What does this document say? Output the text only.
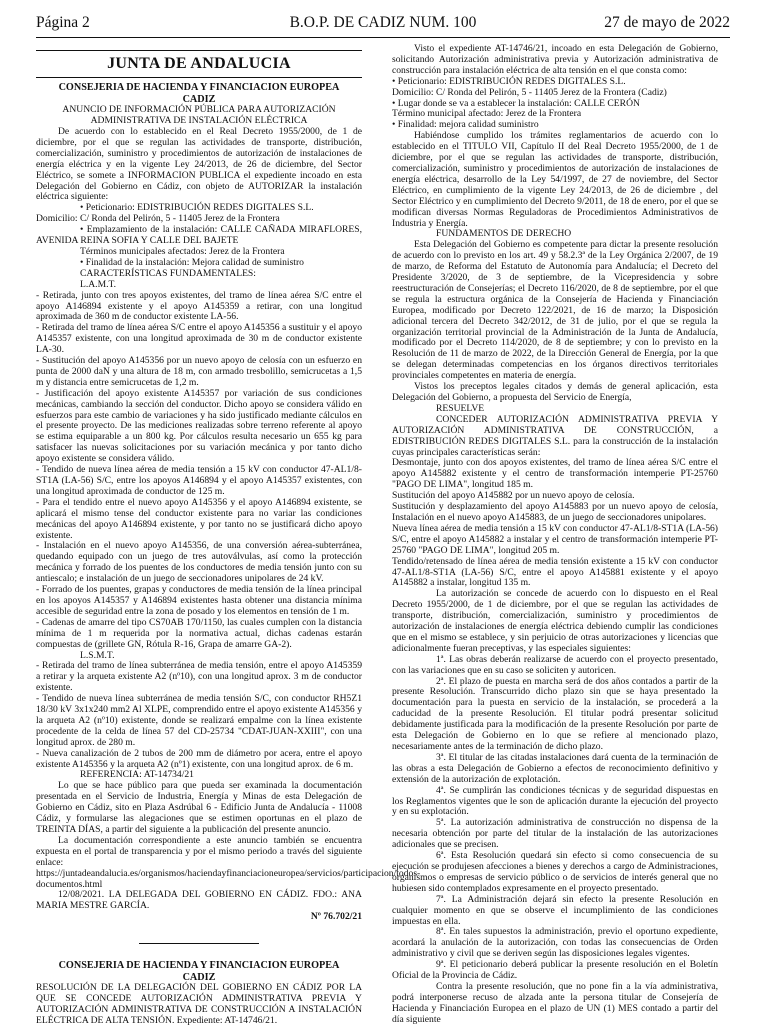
Página 2	B.O.P. DE CADIZ NUM. 100	27 de mayo de 2022
JUNTA DE ANDALUCIA

CONSEJERIA DE HACIENDA Y FINANCIACION EUROPEA

CADIZ

ANUNCIO DE INFORMACIÓN PÚBLICA PARA AUTORIZACIÓN ADMINISTRATIVA DE INSTALACIÓN ELÉCTRICA

De acuerdo con lo establecido en el Real Decreto 1955/2000, de 1 de diciembre, por el que se regulan las actividades de transporte, distribución, comercialización, suministro y procedimientos de autorización de instalaciones de energía eléctrica y en la vigente Ley 24/2013, de 26 de diciembre, del Sector Eléctrico, se somete a INFORMACION PUBLICA el expediente incoado en esta Delegación del Gobierno en Cádiz, con objeto de AUTORIZAR la instalación eléctrica siguiente:

• Peticionario: EDISTRIBUCIÓN REDES DIGITALES S.L.

Domicilio: C/ Ronda del Pelirón, 5 - 11405 Jerez de la Frontera

• Emplazamiento de la instalación: CALLE CAÑADA MIRAFLORES, AVENIDA REINA SOFIA Y CALLE DEL BAJETE

Términos municipales afectados: Jerez de la Frontera

• Finalidad de la instalación: Mejora calidad de suministro

CARACTERÍSTICAS FUNDAMENTALES:

L.A.M.T.

- Retirada, junto con tres apoyos existentes, del tramo de línea aérea S/C entre el apoyo A146894 existente y el apoyo A145359 a retirar, con una longitud aproximada de 360 m de conductor existente LA-56.

- Retirada del tramo de línea aérea S/C entre el apoyo A145356 a sustituir y el apoyo A145357 existente, con una longitud aproximada de 30 m de conductor existente LA-30.

- Sustitución del apoyo A145356 por un nuevo apoyo de celosía con un esfuerzo en punta de 2000 daN y una altura de 18 m, con armado tresbolillo, semicrucetas a 1,5 m y distancia entre semicrucetas de 1,2 m.

- Justificación del apoyo existente A145357 por variación de sus condiciones mecánicas, cambiando la sección del conductor. Dicho apoyo se considera válido en esfuerzos para este cambio de variaciones y ha sido justificado mediante cálculos en el presente proyecto. De las mediciones realizadas sobre terreno referente al apoyo se estima equiparable a un 800 kg. Por cálculos resulta necesario un 655 kg para satisfacer las nuevas solicitaciones por su variación mecánica y por tanto dicho apoyo existente se considera válido.

- Tendido de nueva línea aérea de media tensión a 15 kV con conductor 47-AL1/8-ST1A (LA-56) S/C, entre los apoyos A146894 y el apoyo A145357 existentes, con una longitud aproximada de conductor de 125 m.

- Para el tendido entre el nuevo apoyo A145356 y el apoyo A146894 existente, se aplicará el mismo tense del conductor existente para no variar las condiciones mecánicas del apoyo A146894 existente, y por tanto no se justificará dicho apoyo existente.

- Instalación en el nuevo apoyo A145356, de una conversión aérea-subterránea, quedando equipado con un juego de tres autoválvulas, así como la protección mecánica y forrado de los puentes de los conductores de media tensión junto con su antiescalo; e instalación de un juego de seccionadores unipolares de 24 kV.

- Forrado de los puentes, grapas y conductores de media tensión de la línea principal en los apoyos A145357 y A146894 existentes hasta obtener una distancia mínima accesible de seguridad entre la zona de posado y los elementos en tensión de 1 m.

- Cadenas de amarre del tipo CS70AB 170/1150, las cuales cumplen con la distancia mínima de 1 m requerida por la normativa actual, dichas cadenas estarán compuestas de (grillete GN, Rótula R-16, Grapa de amarre GA-2).

L.S.M.T.

- Retirada del tramo de línea subterránea de media tensión, entre el apoyo A145359 a retirar y la arqueta existente A2 (nº10), con una longitud aprox. 3 m de conductor existente.

- Tendido de nueva línea subterránea de media tensión S/C, con conductor RH5Z1 18/30 kV 3x1x240 mm2 Al XLPE, comprendido entre el apoyo existente A145356 y la arqueta A2 (nº10) existente, donde se realizará empalme con la línea existente procedente de la celda de línea 57 del CD-25734 "CDAT-JUAN-XXIII", con una longitud aprox. de 280 m.

- Nueva canalización de 2 tubos de 200 mm de diámetro por acera, entre el apoyo existente A145356 y la arqueta A2 (nº1) existente, con una longitud aprox. de 6 m.

REFERENCIA: AT-14734/21

Lo que se hace público para que pueda ser examinada la documentación presentada en el Servicio de Industria, Energía y Minas de esta Delegación de Gobierno en Cádiz, sito en Plaza Asdrúbal 6 - Edificio Junta de Andalucía - 11008 Cádiz, y formularse las alegaciones que se estimen oportunas en el plazo de TREINTA DÍAS, a partir del siguiente a la publicación del presente anuncio.

La documentación correspondiente a este anuncio también se encuentra expuesta en el portal de transparencia y por el mismo periodo a través del siguiente enlace: https://juntadeandalucia.es/organismos/haciendayfinanciacioneuropea/servicios/participacion/todos-documentos.html

12/08/2021. LA DELEGADA DEL GOBIERNO EN CÁDIZ. FDO.: ANA MARIA MESTRE GARCÍA.

Nº 76.702/21

CONSEJERIA DE HACIENDA Y FINANCIACION EUROPEA

CADIZ

RESOLUCIÓN DE LA DELEGACIÓN DEL GOBIERNO EN CÁDIZ POR LA QUE SE CONCEDE AUTORIZACIÓN ADMINISTRATIVA PREVIA Y AUTORIZACIÓN ADMINISTRATIVA DE CONSTRUCCIÓN A INSTALACIÓN ELÉCTRICA DE ALTA TENSIÓN. Expediente: AT-14746/21.

Visto el expediente AT-14746/21, incoado en esta Delegación de Gobierno, solicitando Autorización administrativa previa y Autorización administrativa de construcción para instalación eléctrica de alta tensión en el que consta como:

• Peticionario: EDISTRIBUCIÓN REDES DIGITALES S.L.

Domicilio: C/ Ronda del Pelirón, 5 - 11405 Jerez de la Frontera (Cadiz)

• Lugar donde se va a establecer la instalación: CALLE CERÓN

Término municipal afectado: Jerez de la Frontera

• Finalidad: mejora calidad suministro

Habiéndose cumplido los trámites reglamentarios de acuerdo con lo establecido en el TITULO VII, Capítulo II del Real Decreto 1955/2000, de 1 de diciembre, por el que se regulan las actividades de transporte, distribución, comercialización, suministro y procedimientos de autorización de instalaciones de energía eléctrica, desarrollo de la Ley 54/1997, de 27 de noviembre, del Sector Eléctrico, en cumplimiento de la vigente Ley 24/2013, de 26 de diciembre , del Sector Eléctrico y en cumplimiento del Decreto 9/2011, de 18 de enero, por el que se modifican diversas Normas Reguladoras de Procedimientos Administrativos de Industria y Energía.

FUNDAMENTOS DE DERECHO

Esta Delegación del Gobierno es competente para dictar la presente resolución de acuerdo con lo previsto en los art. 49 y 58.2.3ª de la Ley Orgánica 2/2007, de 19 de marzo, de Reforma del Estatuto de Autonomía para Andalucía; el Decreto del Presidente 3/2020, de 3 de septiembre, de la Vicepresidencia y sobre reestructuración de Consejerías; el Decreto 116/2020, de 8 de septiembre, por el que se regula la estructura orgánica de la Consejería de Hacienda y Financiación Europea, modificado por Decreto 122/2021, de 16 de marzo; la Disposición adicional tercera del Decreto 342/2012, de 31 de julio, por el que se regula la organización territorial provincial de la Administración de la Junta de Andalucía, modificado por el Decreto 114/2020, de 8 de septiembre; y con lo previsto en la Resolución de 11 de marzo de 2022, de la Dirección General de Energía, por la que se delegan determinadas competencias en los órganos directivos territoriales provinciales competentes en materia de energía.

Vistos los preceptos legales citados y demás de general aplicación, esta Delegación del Gobierno, a propuesta del Servicio de Energía,

RESUELVE

CONCEDER AUTORIZACIÓN ADMINISTRATIVA PREVIA Y AUTORIZACIÓN ADMINISTRATIVA DE CONSTRUCCIÓN, a EDISTRIBUCIÓN REDES DIGITALES S.L. para la construcción de la instalación cuyas principales características serán:

Desmontaje, junto con dos apoyos existentes, del tramo de línea aérea S/C entre el apoyo A145882 existente y el centro de transformación intemperie PT-25760 "PAGO DE LIMA", longitud 185 m.

Sustitución del apoyo A145882 por un nuevo apoyo de celosía.

Sustitución y desplazamiento del apoyo A145883 por un nuevo apoyo de celosía, Instalación en el nuevo apoyo A145883, de un juego de seccionadores unipolares.

Nueva línea aérea de media tensión a 15 kV con conductor 47-AL1/8-ST1A (LA-56) S/C, entre el apoyo A145882 a instalar y el centro de transformación intemperie PT-25760 "PAGO DE LIMA", longitud 205 m.

Tendido/retensado de línea aérea de media tensión existente a 15 kV con conductor 47-AL1/8-ST1A (LA-56) S/C, entre el apoyo A145881 existente y el apoyo A145882 a instalar, longitud 135 m.

La autorización se concede de acuerdo con lo dispuesto en el Real Decreto 1955/2000, de 1 de diciembre, por el que se regulan las actividades de transporte, distribución, comercialización, suministro y procedimientos de autorización de instalaciones de energía eléctrica debiendo cumplir las condiciones que en el mismo se establece, y sin perjuicio de otras autorizaciones y licencias que adicionalmente fueran preceptivas, y las especiales siguientes:

1ª. Las obras deberán realizarse de acuerdo con el proyecto presentado, con las variaciones que en su caso se soliciten y autoricen.

2ª. El plazo de puesta en marcha será de dos años contados a partir de la presente Resolución. Transcurrido dicho plazo sin que se haya presentado la documentación para la puesta en servicio de la instalación, se procederá a la caducidad de la presente Resolución. El titular podrá presentar solicitud debidamente justificada para la modificación de la presente Resolución por parte de esta Delegación de Gobierno en lo que se refiere al mencionado plazo, necesariamente antes de la terminación de dicho plazo.

3ª. El titular de las citadas instalaciones dará cuenta de la terminación de las obras a esta Delegación de Gobierno a efectos de reconocimiento definitivo y extensión de la autorización de explotación.

4ª. Se cumplirán las condiciones técnicas y de seguridad dispuestas en los Reglamentos vigentes que le son de aplicación durante la ejecución del proyecto y en su explotación.

5ª. La autorización administrativa de construcción no dispensa de la necesaria obtención por parte del titular de la instalación de las autorizaciones adicionales que se precisen.

6ª. Esta Resolución quedará sin efecto si como consecuencia de su ejecución se produjesen afecciones a bienes y derechos a cargo de Administraciones, organismos o empresas de servicio público o de servicios de interés general que no hubiesen sido contemplados expresamente en el proyecto presentado.

7ª. La Administración dejará sin efecto la presente Resolución en cualquier momento en que se observe el incumplimiento de las condiciones impuestas en ella.

8ª. En tales supuestos la administración, previo el oportuno expediente, acordará la anulación de la autorización, con todas las consecuencias de Orden administrativo y civil que se deriven según las disposiciones legales vigentes.

9ª. El peticionario deberá publicar la presente resolución en el Boletín Oficial de la Provincia de Cádiz.

Contra la presente resolución, que no pone fin a la vía administrativa, podrá interponerse recuso de alzada ante la persona titular de Consejería de Hacienda y Financiación Europea en el plazo de UN (1) MES contado a partir del día siguiente
